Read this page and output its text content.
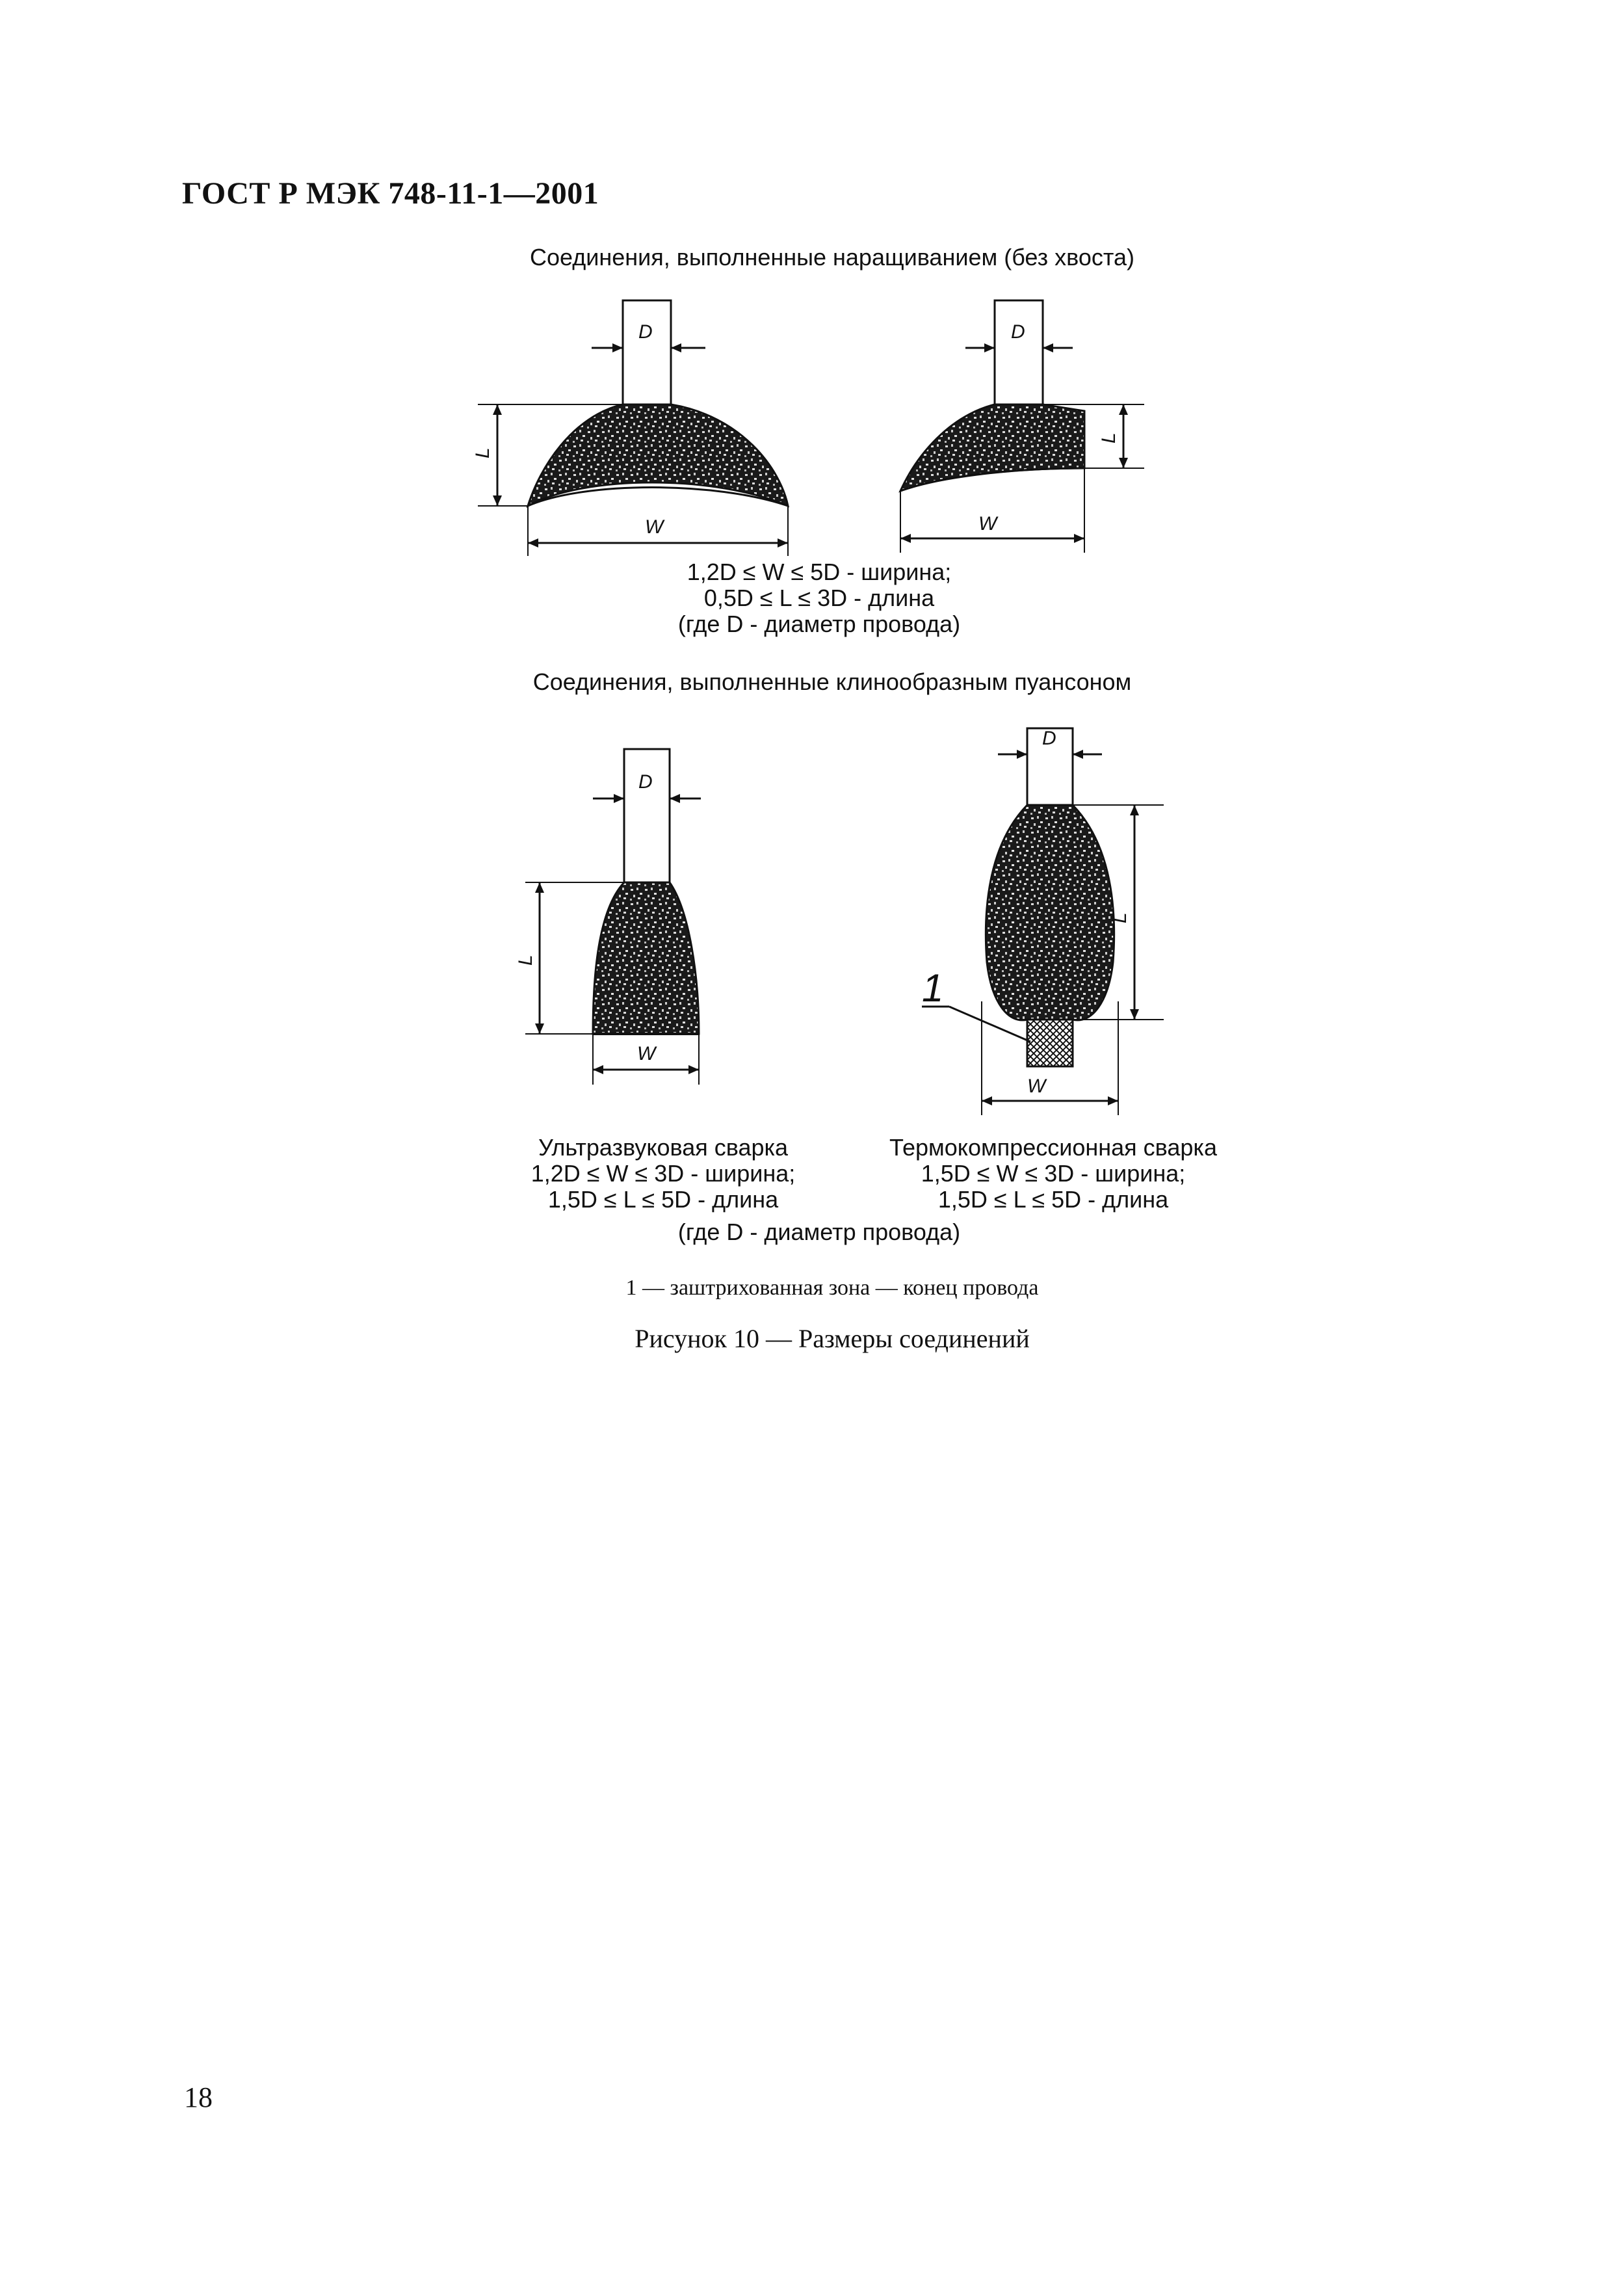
ГОСТ Р МЭК 748-11-1—2001
Соединения, выполненные наращиванием (без хвоста)
D
L
W
D
L
W
D
L
W
D
L
W
1
1,2D ≤ W ≤ 5D - ширина;
0,5D ≤ L ≤ 3D - длина
(где D - диаметр провода)
Соединения, выполненные клинообразным пуансоном
Ультразвуковая сварка
1,2D ≤ W ≤ 3D - ширина;
1,5D ≤ L ≤ 5D - длина
Термокомпрессионная сварка
1,5D ≤ W ≤ 3D - ширина;
1,5D ≤ L ≤ 5D - длина
(где D - диаметр провода)
1 — заштрихованная зона — конец провода
Рисунок 10 — Размеры соединений
18
